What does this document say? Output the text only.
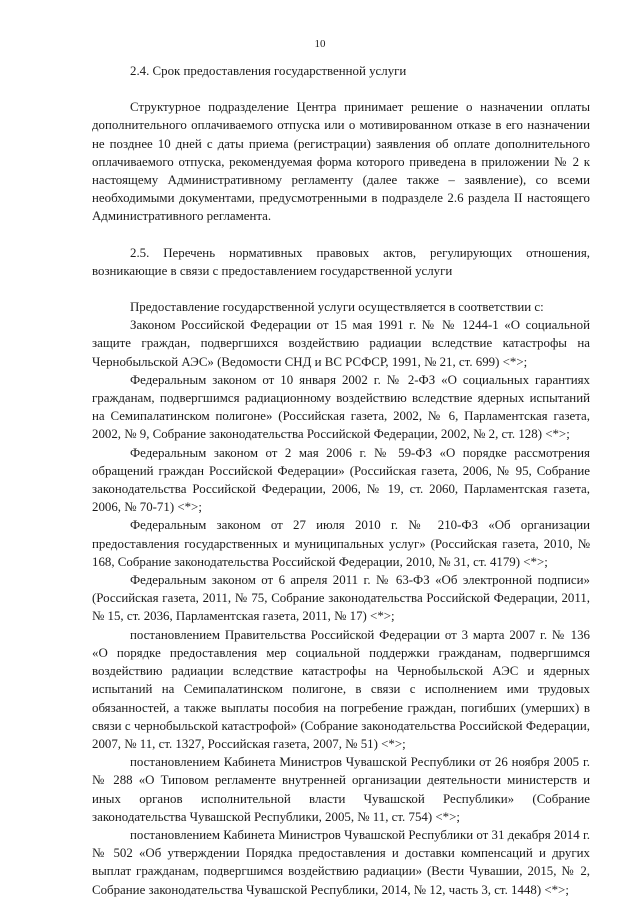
10

2.4. Срок предоставления государственной услуги

Структурное подразделение Центра принимает решение о назначении оплаты дополнительного оплачиваемого отпуска или о мотивированном отказе в его назначении не позднее 10 дней с даты приема (регистрации) заявления об оплате дополнительного оплачиваемого отпуска, рекомендуемая форма которого приведена в приложении № 2 к настоящему Административному регламенту (далее также – заявление), со всеми необходимыми документами, предусмотренными в подразделе 2.6 раздела II настоящего Административного регламента.

2.5. Перечень нормативных правовых актов, регулирующих отношения, возникающие в связи с предоставлением государственной услуги

Предоставление государственной услуги осуществляется в соответствии с:

Законом Российской Федерации от 15 мая 1991 г. № № 1244-1 «О социальной защите граждан, подвергшихся воздействию радиации вследствие катастрофы на Чернобыльской АЭС» (Ведомости СНД и ВС РСФСР, 1991, № 21, ст. 699) <*>;

Федеральным законом от 10 января 2002 г. № 2-ФЗ «О социальных гарантиях гражданам, подвергшимся радиационному воздействию вследствие ядерных испытаний на Семипалатинском полигоне» (Российская газета, 2002, № 6, Парламентская газета, 2002, № 9, Собрание законодательства Российской Федерации, 2002, № 2, ст. 128) <*>;

Федеральным законом от 2 мая 2006 г. № 59-ФЗ «О порядке рассмотрения обращений граждан Российской Федерации» (Российская газета, 2006, № 95, Собрание законодательства Российской Федерации, 2006, № 19, ст. 2060, Парламентская газета, 2006, № 70-71) <*>;

Федеральным законом от 27 июля 2010 г. № 210-ФЗ «Об организации предоставления государственных и муниципальных услуг» (Российская газета, 2010, № 168, Собрание законодательства Российской Федерации, 2010, № 31, ст. 4179) <*>;

Федеральным законом от 6 апреля 2011 г. № 63-ФЗ «Об электронной подписи» (Российская газета, 2011, № 75, Собрание законодательства Российской Федерации, 2011, № 15, ст. 2036, Парламентская газета, 2011, № 17) <*>;

постановлением Правительства Российской Федерации от 3 марта 2007 г. № 136 «О порядке предоставления мер социальной поддержки гражданам, подвергшимся воздействию радиации вследствие катастрофы на Чернобыльской АЭС и ядерных испытаний на Семипалатинском полигоне, в связи с исполнением ими трудовых обязанностей, а также выплаты пособия на погребение граждан, погибших (умерших) в связи с чернобыльской катастрофой» (Собрание законодательства Российской Федерации, 2007, № 11, ст. 1327, Российская газета, 2007, № 51) <*>;

постановлением Кабинета Министров Чувашской Республики от 26 ноября 2005 г. № 288 «О Типовом регламенте внутренней организации деятельности министерств и иных органов исполнительной власти Чувашской Республики» (Собрание законодательства Чувашской Республики, 2005, № 11, ст. 754) <*>;

постановлением Кабинета Министров Чувашской Республики от 31 декабря 2014 г. № 502 «Об утверждении Порядка предоставления и доставки компенсаций и других выплат гражданам, подвергшимся воздействию радиации» (Вести Чувашии, 2015, № 2, Собрание законодательства Чувашской Республики, 2014, № 12, часть 3, ст. 1448) <*>;
